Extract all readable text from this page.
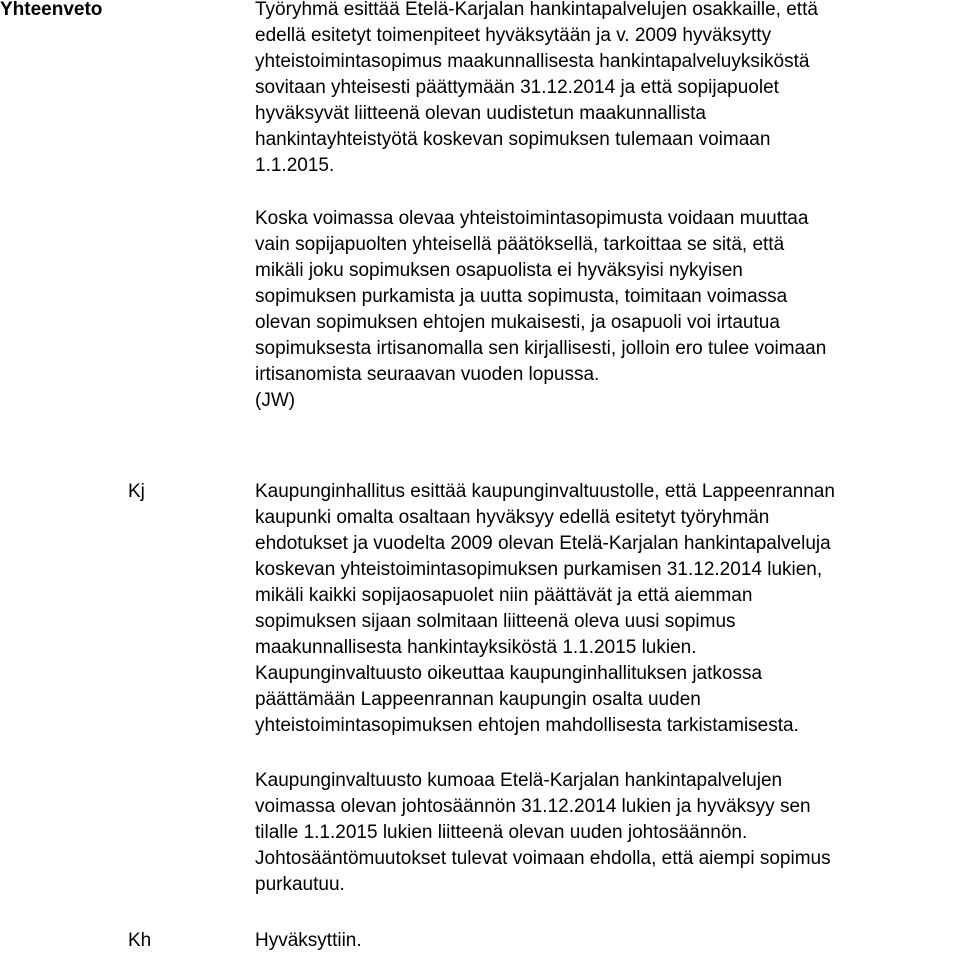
Yhteenveto	Työryhmä esittää Etelä-Karjalan hankintapalvelujen osakkaille, että
edellä esitetyt toimenpiteet hyväksytään ja v. 2009 hyväksytty
yhteistoimintasopimus maakunnallisesta hankintapalveluyksiköstä
sovitaan yhteisesti päättymään 31.12.2014 ja että sopijapuolet
hyväksyvät liitteenä olevan uudistetun maakunnallista
hankintayhteistyötä koskevan sopimuksen tulemaan voimaan
1.1.2015.
Koska voimassa olevaa yhteistoimintasopimusta voidaan muuttaa
vain sopijapuolten yhteisellä päätöksellä, tarkoittaa se sitä, että
mikäli joku sopimuksen osapuolista ei hyväksyisi nykyisen
sopimuksen purkamista ja uutta sopimusta, toimitaan voimassa
olevan sopimuksen ehtojen mukaisesti, ja osapuoli voi irtautua
sopimuksesta irtisanomalla sen kirjallisesti, jolloin ero tulee voimaan
irtisanomista seuraavan vuoden lopussa.
(JW)
Kj	Kaupunginhallitus esittää kaupunginvaltuustolle, että Lappeenrannan
kaupunki omalta osaltaan hyväksyy edellä esitetyt työryhmän
ehdotukset ja vuodelta 2009 olevan Etelä-Karjalan hankintapalveluja
koskevan yhteistoimintasopimuksen purkamisen 31.12.2014 lukien,
mikäli kaikki sopijaosapuolet niin päättävät ja että aiemman
sopimuksen sijaan solmitaan liitteenä oleva uusi sopimus
maakunnallisesta hankintayksiköstä 1.1.2015 lukien.
Kaupunginvaltuusto oikeuttaa kaupunginhallituksen jatkossa
päättämään Lappeenrannan kaupungin osalta uuden
yhteistoimintasopimuksen ehtojen mahdollisesta tarkistamisesta.
Kaupunginvaltuusto kumoaa Etelä-Karjalan hankintapalvelujen
voimassa olevan johtosäännön 31.12.2014 lukien ja hyväksyy sen
tilalle 1.1.2015 lukien liitteenä olevan uuden johtosäännön.
Johtosääntömuutokset tulevat voimaan ehdolla, että aiempi sopimus
purkautuu.
Kh	Hyväksyttiin.
